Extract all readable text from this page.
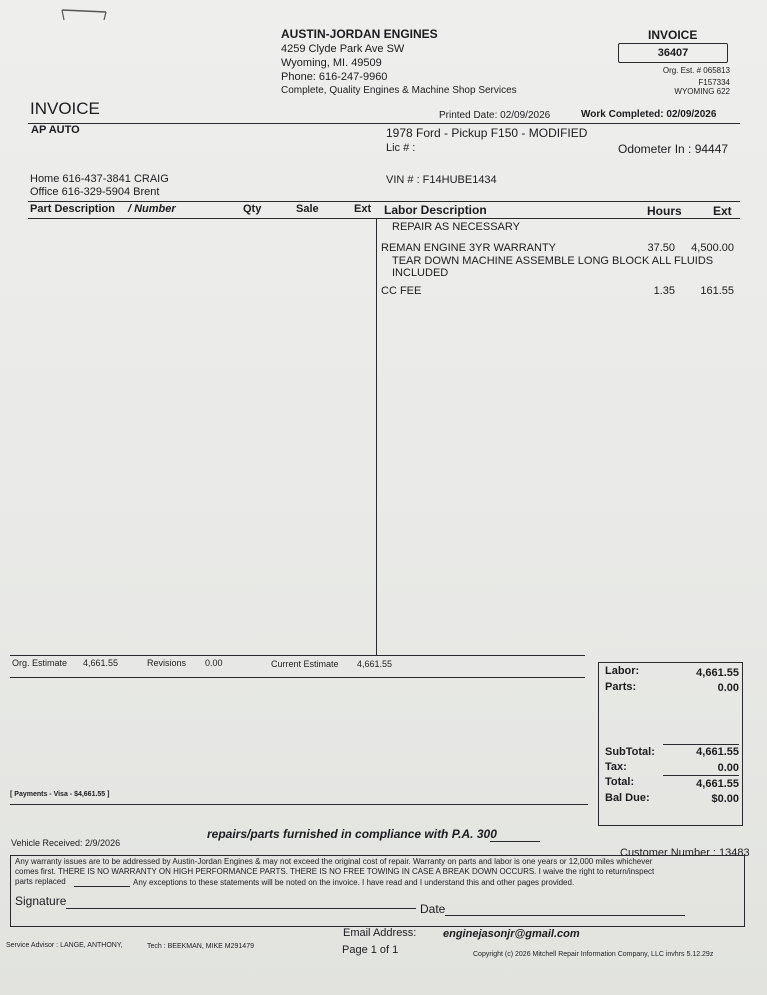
AUSTIN-JORDAN ENGINES
4259 Clyde Park Ave SW
Wyoming, MI. 49509
Phone: 616-247-9960
Complete, Quality Engines & Machine Shop Services
INVOICE
36407
Org. Est. # 065813
F157334
WYOMING 622
INVOICE	Printed Date: 02/09/2026	Work Completed: 02/09/2026
AP AUTO	1978 Ford - Pickup F150 - MODIFIED
Lic # :	Odometer In : 94447
Home 616-437-3841 CRAIG
Office 616-329-5904 Brent
VIN # : F14HUBE1434
Part Description / Number	Qty	Sale	Ext Labor Description	Hours	Ext
REPAIR AS NECESSARY
REMAN ENGINE 3YR WARRANTY	37.50 4,500.00
TEAR DOWN MACHINE ASSEMBLE LONG BLOCK ALL FLUIDS
INCLUDED
CC FEE	1.35 161.55
Org. Estimate 4,661.55	Revisions 0.00	Current Estimate 4,661.55
Labor:	4,661.55
Parts:	0.00
SubTotal:	4,661.55
Tax:	0.00
Total:	4,661.55
Bal Due:	$0.00
[ Payments - Visa - $4,661.55 ]
repairs/parts furnished in compliance with P.A. 300
Vehicle Received: 2/9/2026
Customer Number : 13483
Any warranty issues are to be addressed by Austin-Jordan Engines & may not exceed the original cost of repair. Warranty on parts and labor is one years or 12,000 miles whichever
comes first. THERE IS NO WARRANTY ON HIGH PERFORMANCE PARTS. THERE IS NO FREE TOWING IN CASE A BREAK DOWN OCCURS. I waive the right to return/inspect
parts replaced	Any exceptions to these statements will be noted on the invoice. I have read and I understand this and other pages provided.
Signature
Date
Email Address: enginejasonjr@gmail.com
Service Advisor : LANGE, ANTHONY,	Tech : BEEKMAN, MIKE M291479	Page 1 of 1	Copyright (c) 2026 Mitchell Repair Information Company, LLC invhrs 5.12.29z
